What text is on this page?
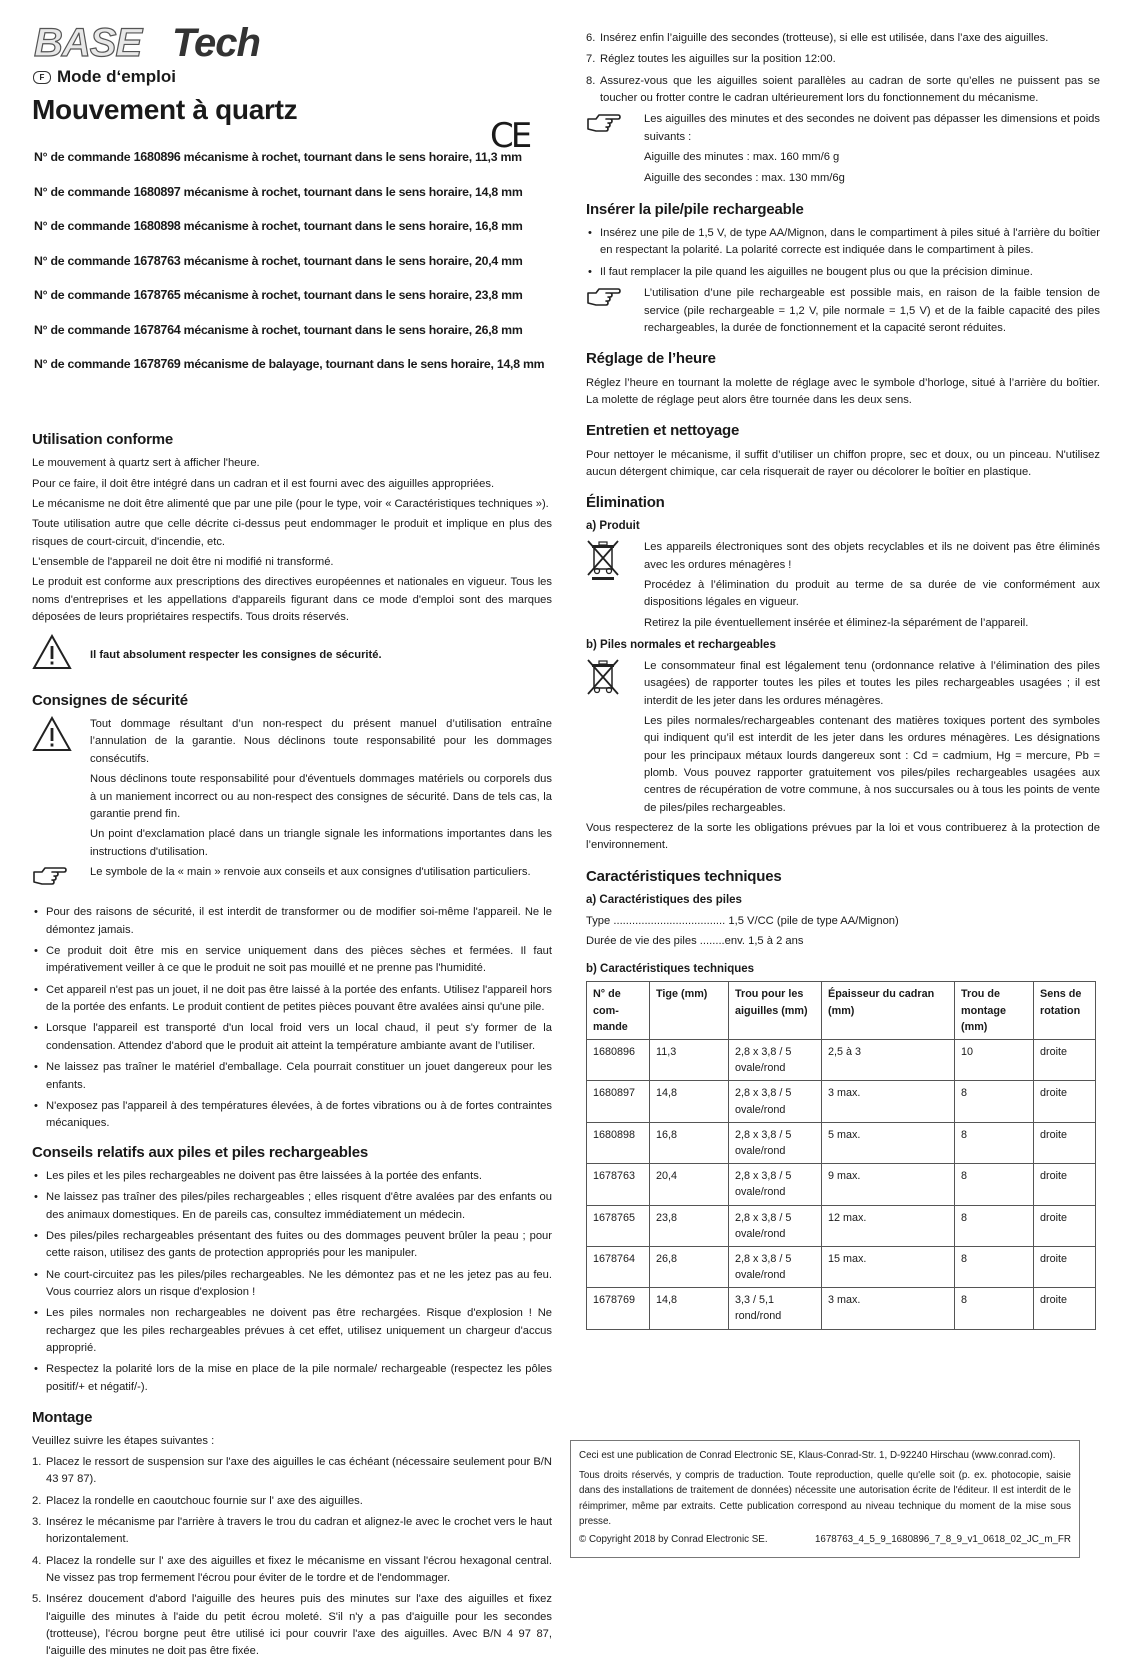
BASE Tech
F Mode d‘emploi
Mouvement à quartz
CE
N° de commande 1680896 mécanisme à rochet, tournant dans le sens horaire, 11,3 mm
N° de commande 1680897 mécanisme à rochet, tournant dans le sens horaire, 14,8 mm
N° de commande 1680898 mécanisme à rochet, tournant dans le sens horaire, 16,8 mm
N° de commande 1678763 mécanisme à rochet, tournant dans le sens horaire, 20,4 mm
N° de commande 1678765 mécanisme à rochet, tournant dans le sens horaire, 23,8 mm
N° de commande 1678764 mécanisme à rochet, tournant dans le sens horaire, 26,8 mm
N° de commande 1678769 mécanisme de balayage, tournant dans le sens horaire, 14,8 mm
Utilisation conforme

Le mouvement à quartz sert à afficher l'heure.

Pour ce faire, il doit être intégré dans un cadran et il est fourni avec des aiguilles appropriées.

Le mécanisme ne doit être alimenté que par une pile (pour le type, voir « Caractéristiques techniques »).

Toute utilisation autre que celle décrite ci-dessus peut endommager le produit et implique en plus des risques de court-circuit, d'incendie, etc.

L'ensemble de l'appareil ne doit être ni modifié ni transformé.

Le produit est conforme aux prescriptions des directives européennes et nationales en vigueur. Tous les noms d'entreprises et les appellations d'appareils figurant dans ce mode d'emploi sont des marques déposées de leurs propriétaires respectifs. Tous droits réservés.

Il faut absolument respecter les consignes de sécurité.
Consignes de sécurité

Tout dommage résultant d’un non-respect du présent manuel d’utilisation entraîne l’annulation de la garantie. Nous déclinons toute responsabilité pour les dommages consécutifs.

Nous déclinons toute responsabilité pour d'éventuels dommages matériels ou corporels dus à un maniement incorrect ou au non-respect des consignes de sécurité. Dans de tels cas, la garantie prend fin.

Un point d'exclamation placé dans un triangle signale les informations importantes dans les instructions d'utilisation.

Le symbole de la « main » renvoie aux conseils et aux consignes d'utilisation particuliers.
• Pour des raisons de sécurité, il est interdit de transformer ou de modifier soi-même l'appareil. Ne le démontez jamais.
• Ce produit doit être mis en service uniquement dans des pièces sèches et fermées. Il faut impérativement veiller à ce que le produit ne soit pas mouillé et ne prenne pas l'humidité.
• Cet appareil n'est pas un jouet, il ne doit pas être laissé à la portée des enfants. Utilisez l'appareil hors de la portée des enfants. Le produit contient de petites pièces pouvant être avalées ainsi qu'une pile.
• Lorsque l'appareil est transporté d'un local froid vers un local chaud, il peut s'y former de la condensation. Attendez d'abord que le produit ait atteint la température ambiante avant de l’utiliser.
• Ne laissez pas traîner le matériel d'emballage. Cela pourrait constituer un jouet dangereux pour les enfants.
• N'exposez pas l'appareil à des températures élevées, à de fortes vibrations ou à de fortes contraintes mécaniques.
Conseils relatifs aux piles et piles rechargeables
• Les piles et les piles rechargeables ne doivent pas être laissées à la portée des enfants.
• Ne laissez pas traîner des piles/piles rechargeables ; elles risquent d'être avalées par des enfants ou des animaux domestiques. En de pareils cas, consultez immédiatement un médecin.
• Des piles/piles rechargeables présentant des fuites ou des dommages peuvent brûler la peau ; pour cette raison, utilisez des gants de protection appropriés pour les manipuler.
• Ne court-circuitez pas les piles/piles rechargeables. Ne les démontez pas et ne les jetez pas au feu. Vous courriez alors un risque d'explosion !
• Les piles normales non rechargeables ne doivent pas être rechargées. Risque d'explosion ! Ne rechargez que les piles rechargeables prévues à cet effet, utilisez uniquement un chargeur d'accus approprié.
• Respectez la polarité lors de la mise en place de la pile normale/ rechargeable (respectez les pôles positif/+ et négatif/-).
Montage

Veuillez suivre les étapes suivantes :

1. Placez le ressort de suspension sur l'axe des aiguilles le cas échéant (nécessaire seulement pour B/N 43 97 87).
2. Placez la rondelle en caoutchouc fournie sur l' axe des aiguilles.
3. Insérez le mécanisme par l'arrière à travers le trou du cadran et alignez-le avec le crochet vers le haut horizontalement.
4. Placez la rondelle sur l' axe des aiguilles et fixez le mécanisme en vissant l'écrou hexagonal central. Ne vissez pas trop fermement l'écrou pour éviter de le tordre et de l'endommager.
5. Insérez doucement d'abord l'aiguille des heures puis des minutes sur l'axe des aiguilles et fixez l'aiguille des minutes à l'aide du petit écrou moleté. S'il n'y a pas d'aiguille pour les secondes (trotteuse), l'écrou borgne peut être utilisé ici pour couvrir l'axe des aiguilles. Avec B/N 4 97 87, l'aiguille des minutes ne doit pas être fixée.
6. Insérez enfin l’aiguille des secondes (trotteuse), si elle est utilisée, dans l’axe des aiguilles.
7. Réglez toutes les aiguilles sur la position 12:00.
8. Assurez-vous que les aiguilles soient parallèles au cadran de sorte qu’elles ne puissent pas se toucher ou frotter contre le cadran ultérieurement lors du fonctionnement du mécanisme.

Les aiguilles des minutes et des secondes ne doivent pas dépasser les dimensions et poids suivants :

Aiguille des minutes : max. 160 mm/6 g

Aiguille des secondes : max. 130 mm/6g

Insérer la pile/pile rechargeable
• Insérez une pile de 1,5 V, de type AA/Mignon, dans le compartiment à piles situé à l'arrière du boîtier en respectant la polarité. La polarité correcte est indiquée dans le compartiment à piles.
• Il faut remplacer la pile quand les aiguilles ne bougent plus ou que la précision diminue.
L’utilisation d’une pile rechargeable est possible mais, en raison de la faible tension de service (pile rechargeable = 1,2 V, pile normale = 1,5 V) et de la faible capacité des piles rechargeables, la durée de fonctionnement et la capacité seront réduites.
Réglage de l’heure

Réglez l’heure en tournant la molette de réglage avec le symbole d’horloge, situé à l’arrière du boîtier. La molette de réglage peut alors être tournée dans les deux sens.

Entretien et nettoyage

Pour nettoyer le mécanisme, il suffit d’utiliser un chiffon propre, sec et doux, ou un pinceau. N'utilisez aucun détergent chimique, car cela risquerait de rayer ou décolorer le boîtier en plastique.

Élimination
a) Produit

Les appareils électroniques sont des objets recyclables et ils ne doivent pas être éliminés avec les ordures ménagères !

Procédez à l’élimination du produit au terme de sa durée de vie conformément aux dispositions légales en vigueur.

Retirez la pile éventuellement insérée et éliminez-la séparément de l’appareil.

b) Piles normales et rechargeables

Le consommateur final est légalement tenu (ordonnance relative à l’élimination des piles usagées) de rapporter toutes les piles et toutes les piles rechargeables usagées ; il est interdit de les jeter dans les ordures ménagères.

Les piles normales/rechargeables contenant des matières toxiques portent des symboles qui indiquent qu’il est interdit de les jeter dans les ordures ménagères. Les désignations pour les principaux métaux lourds dangereux sont : Cd = cadmium, Hg = mercure, Pb = plomb. Vous pouvez rapporter gratuitement vos piles/piles rechargeables usagées aux centres de récupération de votre commune, à nos succursales ou à tous les points de vente de piles/piles rechargeables.

Vous respecterez de la sorte les obligations prévues par la loi et vous contribuerez à la protection de l’environnement.

Caractéristiques techniques
a) Caractéristiques des piles

Type .................................... 1,5 V/CC (pile de type AA/Mignon)

Durée de vie des piles ........env. 1,5 à 2 ans

b) Caractéristiques techniques
N° de com-mande	Tige (mm)	Trou pour les aiguilles (mm)	Épaisseur du cadran (mm)	Trou de montage (mm)	Sens de rotation
1680896	11,3	2,8 x 3,8 / 5 ovale/rond	2,5 à 3	10	droite
1680897	14,8	2,8 x 3,8 / 5 ovale/rond	3 max.	8	droite
1680898	16,8	2,8 x 3,8 / 5 ovale/rond	5 max.	8	droite
1678763	20,4	2,8 x 3,8 / 5 ovale/rond	9 max.	8	droite
1678765	23,8	2,8 x 3,8 / 5 ovale/rond	12 max.	8	droite
1678764	26,8	2,8 x 3,8 / 5 ovale/rond	15 max.	8	droite
1678769	14,8	3,3 / 5,1 rond/rond	3 max.	8	droite

Ceci est une publication de Conrad Electronic SE, Klaus-Conrad-Str. 1, D-92240 Hirschau (www.conrad.com).

Tous droits réservés, y compris de traduction. Toute reproduction, quelle qu'elle soit (p. ex. photocopie, saisie dans des installations de traitement de données) nécessite une autorisation écrite de l'éditeur. Il est interdit de le réimprimer, même par extraits. Cette publication correspond au niveau technique du moment de la mise sous presse.

© Copyright 2018 by Conrad Electronic SE.	1678763_4_5_9_1680896_7_8_9_v1_0618_02_JC_m_FR
